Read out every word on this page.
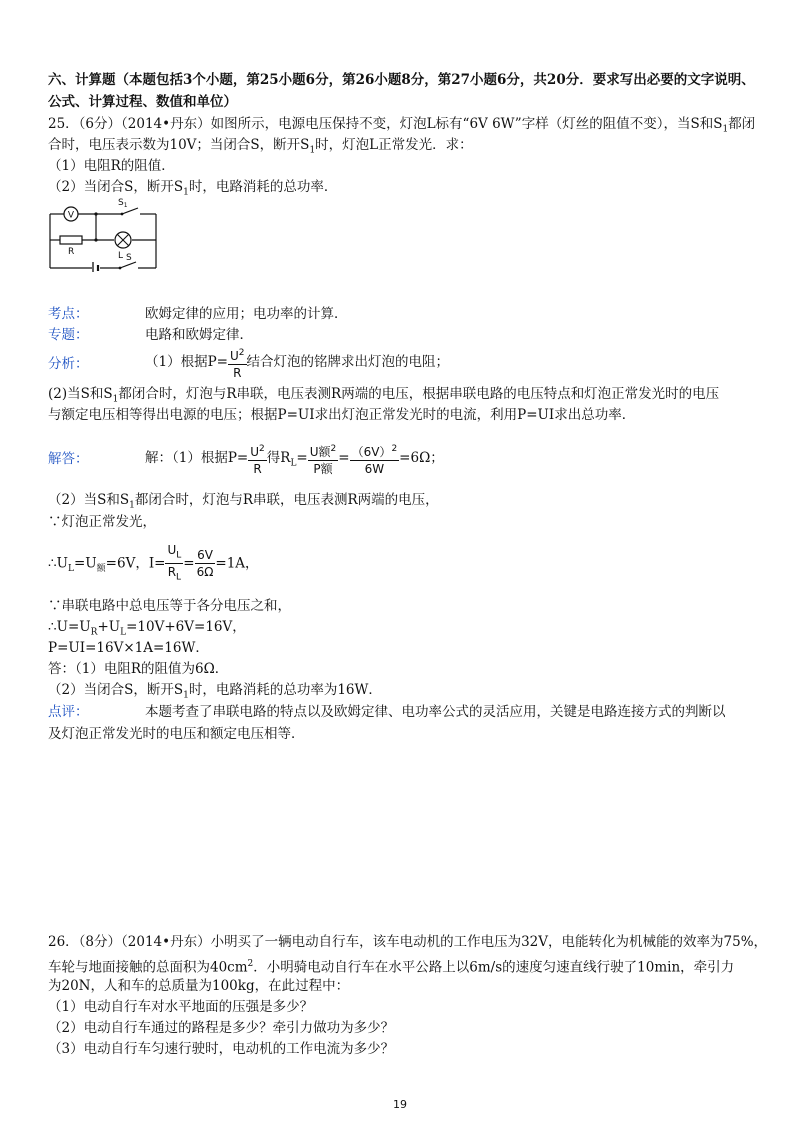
六、计算题（本题包括3个小题，第25小题6分，第26小题8分，第27小题6分，共20分．要求写出必要的文字说明、
公式、计算过程、数值和单位）
25．（6分）（2014•丹东）如图所示，电源电压保持不变，灯泡L标有“6V 6W”字样（灯丝的阻值不变），当S和$S_1$都闭
合时，电压表示数为10V；当闭合S，断开$S_1$时，灯泡L正常发光．求：
（1）电阻R的阻值．
（2）当闭合S，断开$S_1$时，电路消耗的总功率．
V
$S_1$
R	L S
考点：	欧姆定律的应用；电功率的计算．
专题：	电路和欧姆定律．
分析：	（1）根据$P= \frac{U^2}{R}$ 结合灯泡的铭牌求出灯泡的电阻；
(2)当S和$S_1$都闭合时，灯泡与R串联，电压表测R两端的电压，根据串联电路的电压特点和灯泡正常发光时的电压
与额定电压相等得出电源的电压；根据P=UI求出灯泡正常发光时的电流，利用P=UI求出总功率．
解答：	解：（1）根据$P= \frac{U^2}{R}$ 得$R_L= \frac{U额^2}{\text{P额}} = \frac{(6V)^2}{6W} =6\Omega$；
（2）当S和$S_1$都闭合时，灯泡与R串联，电压表测R两端的电压，
∵灯泡正常发光，
$\therefore U_L=U_额=6V$，$I= \frac{U_L}{R_L} = \frac{6V}{6\Omega} =1A$，
∵串联电路中总电压等于各分电压之和，
$\therefore U=U_R+U_L=10V+6V=16V$，
P=UI=16V×1A=16W．
答：（1）电阻R的阻值为6Ω．
（2）当闭合S，断开$S_1$时，电路消耗的总功率为16W．
点评：	本题考查了串联电路的特点以及欧姆定律、电功率公式的灵活应用，关键是电路连接方式的判断以
及灯泡正常发光时的电压和额定电压相等．
26．（8分）（2014•丹东）小明买了一辆电动自行车，该车电动机的工作电压为32V，电能转化为机械能的效率为75%，
车轮与地面接触的总面积为$40cm^2$．小明骑电动自行车在水平公路上以6m/s的速度匀速直线行驶了10min，牵引力
为20N，人和车的总质量为100kg，在此过程中：
（1）电动自行车对水平地面的压强是多少？
（2）电动自行车通过的路程是多少？牵引力做功为多少？
（3）电动自行车匀速行驶时，电动机的工作电流为多少？
19
